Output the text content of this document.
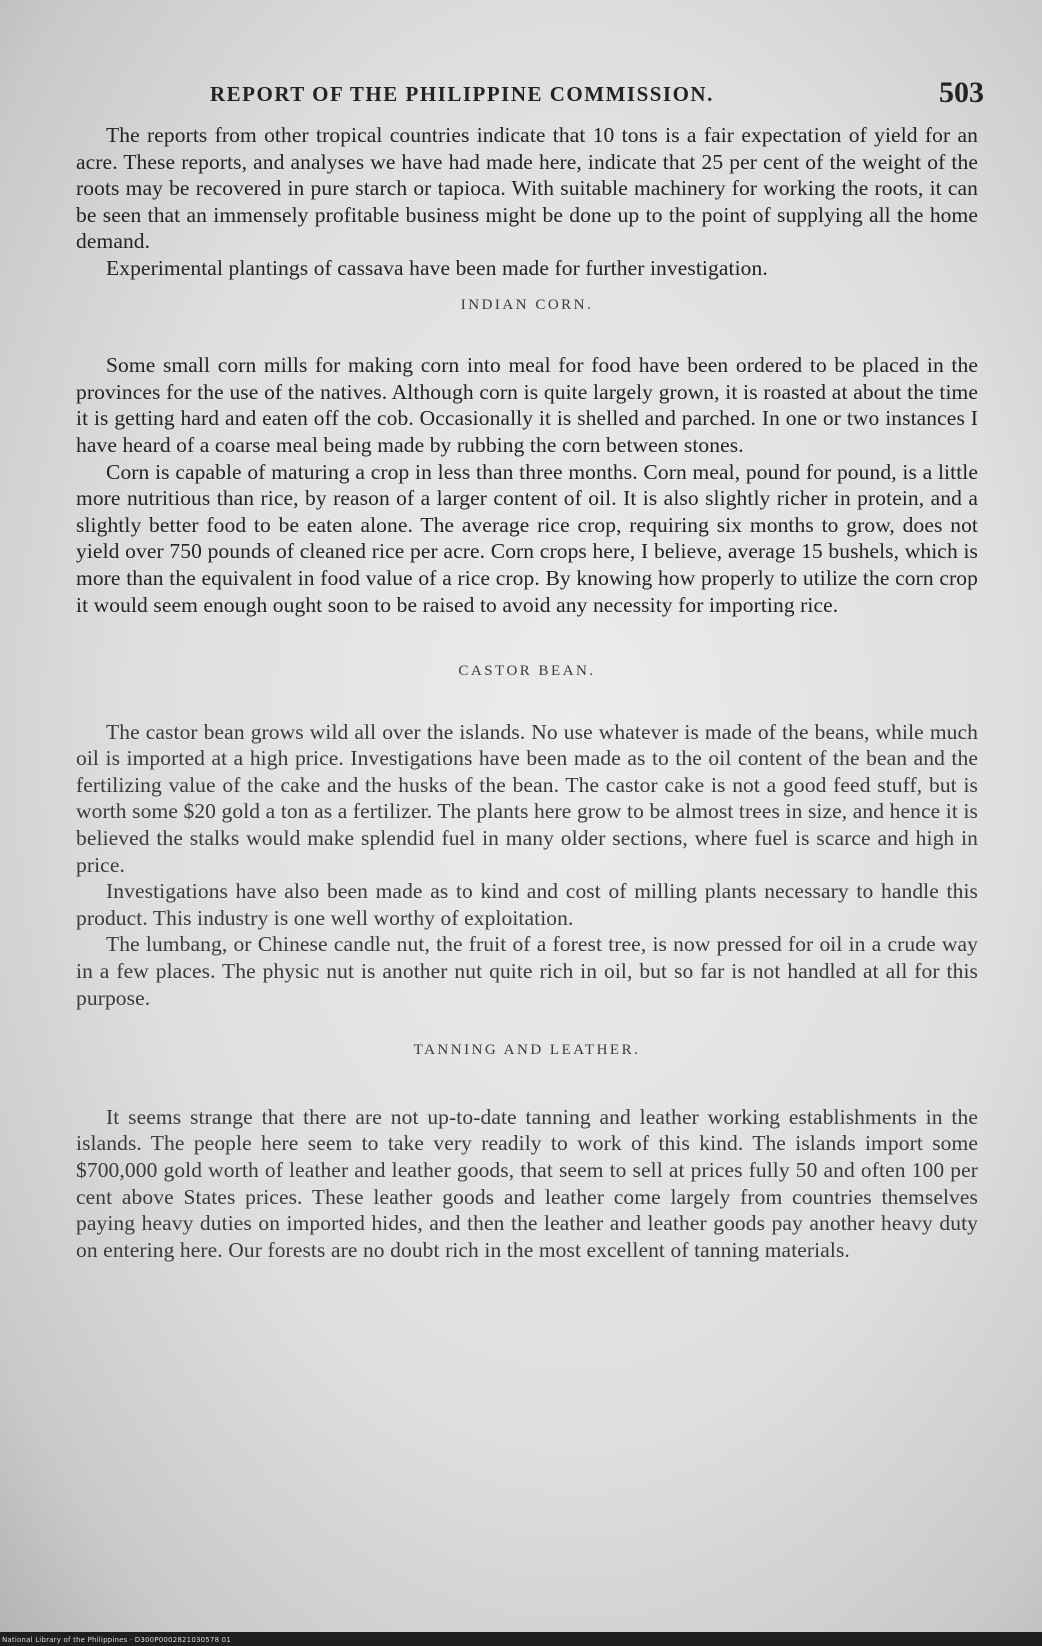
REPORT OF THE PHILIPPINE COMMISSION.	503

The reports from other tropical countries indicate that 10 tons is a fair expectation of yield for an acre. These reports, and analyses we have had made here, indicate that 25 per cent of the weight of the roots may be recovered in pure starch or tapioca. With suitable machinery for working the roots, it can be seen that an immensely profitable business might be done up to the point of supplying all the home demand.

Experimental plantings of cassava have been made for further investigation.

INDIAN CORN.

Some small corn mills for making corn into meal for food have been ordered to be placed in the provinces for the use of the natives. Although corn is quite largely grown, it is roasted at about the time it is getting hard and eaten off the cob. Occasionally it is shelled and parched. In one or two instances I have heard of a coarse meal being made by rubbing the corn between stones.

Corn is capable of maturing a crop in less than three months. Corn meal, pound for pound, is a little more nutritious than rice, by reason of a larger content of oil. It is also slightly richer in protein, and a slightly better food to be eaten alone. The average rice crop, requiring six months to grow, does not yield over 750 pounds of cleaned rice per acre. Corn crops here, I believe, average 15 bushels, which is more than the equivalent in food value of a rice crop. By knowing how properly to utilize the corn crop it would seem enough ought soon to be raised to avoid any necessity for importing rice.

CASTOR BEAN.

The castor bean grows wild all over the islands. No use whatever is made of the beans, while much oil is imported at a high price. Investigations have been made as to the oil content of the bean and the fertilizing value of the cake and the husks of the bean. The castor cake is not a good feed stuff, but is worth some $20 gold a ton as a fertilizer. The plants here grow to be almost trees in size, and hence it is believed the stalks would make splendid fuel in many older sections, where fuel is scarce and high in price.

Investigations have also been made as to kind and cost of milling plants necessary to handle this product. This industry is one well worthy of exploitation.

The lumbang, or Chinese candle nut, the fruit of a forest tree, is now pressed for oil in a crude way in a few places. The physic nut is another nut quite rich in oil, but so far is not handled at all for this purpose.

TANNING AND LEATHER.

It seems strange that there are not up-to-date tanning and leather working establishments in the islands. The people here seem to take very readily to work of this kind. The islands import some $700,000 gold worth of leather and leather goods, that seem to sell at prices fully 50 and often 100 per cent above States prices. These leather goods and leather come largely from countries themselves paying heavy duties on imported hides, and then the leather and leather goods pay another heavy duty on entering here. Our forests are no doubt rich in the most excellent of tanning materials.

National Library of the Philippines · D300P0002821030578 01
